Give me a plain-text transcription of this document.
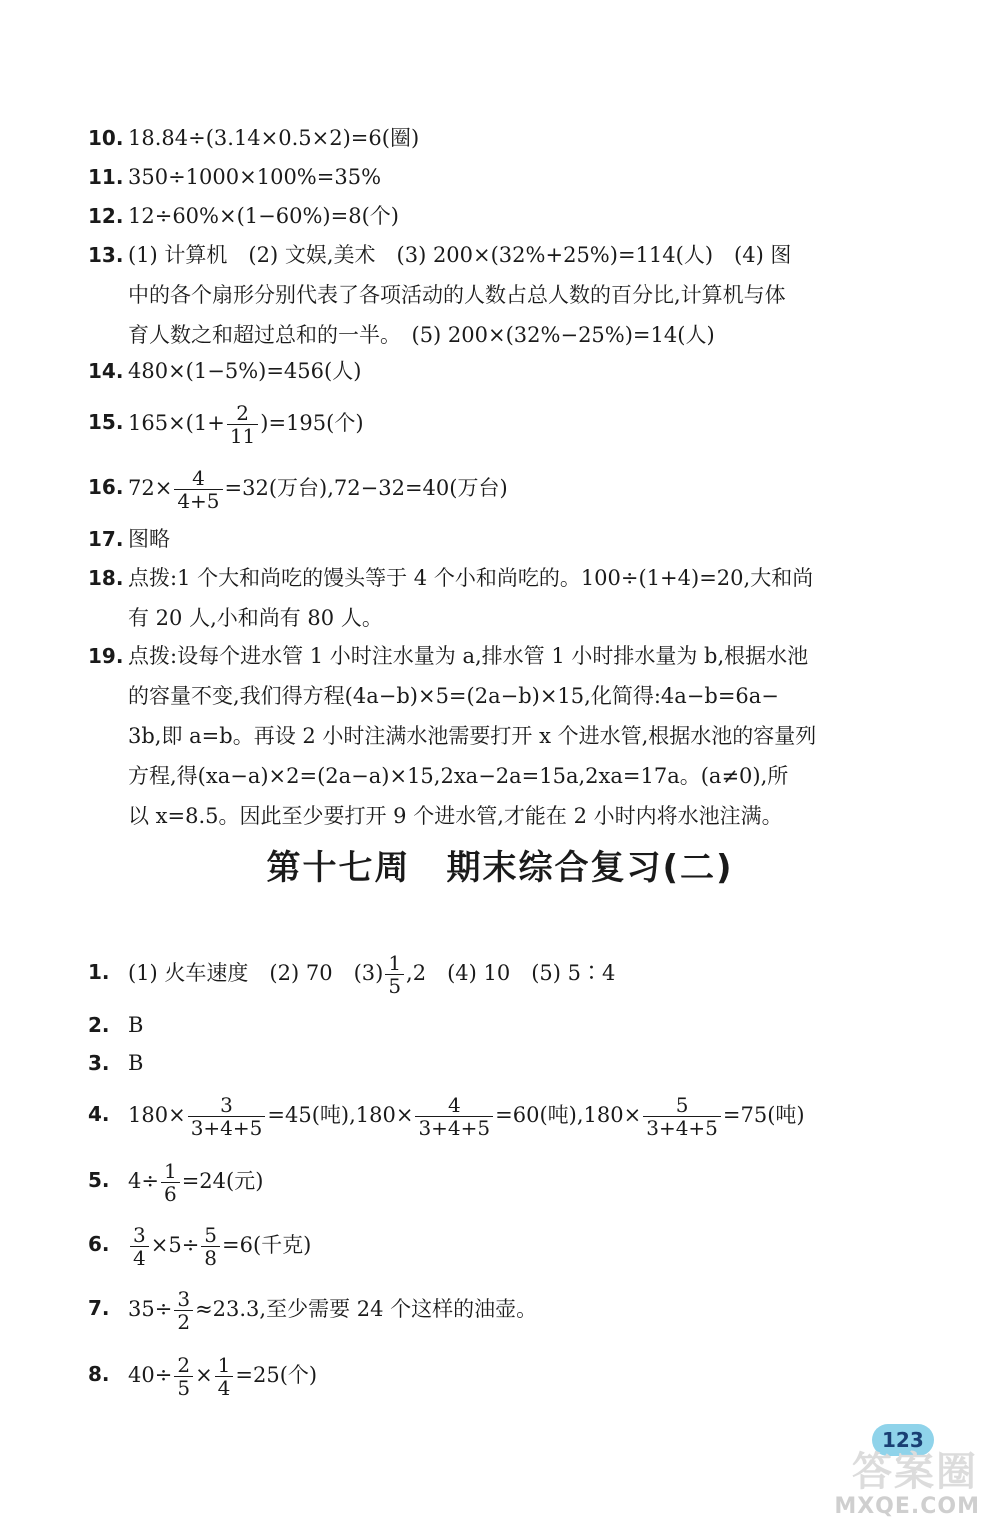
10. 18.84÷(3.14×0.5×2)=6(圈)
11. 350÷1000×100%=35%
12. 12÷60%×(1−60%)=8(个)
13. (1) 计算机　(2) 文娱,美术　(3) 200×(32%+25%)=114(人)　(4) 图
中的各个扇形分别代表了各项活动的人数占总人数的百分比,计算机与体
育人数之和超过总和的一半。　(5) 200×(32%−25%)=14(人)
14. 480×(1−5%)=456(人)
15. $165\times(1+ \frac{2}{11} )=195$(个)
16. $72\times \frac{4}{4+5} =32$(万台),72−32=40(万台)
17. 图略
18. 点拨:1 个大和尚吃的馒头等于 4 个小和尚吃的。100÷(1+4)=20,大和尚
有 20 人,小和尚有 80 人。
19. 点拨:设每个进水管 1 小时注水量为 a,排水管 1 小时排水量为 b,根据水池
的容量不变,我们得方程(4a−b)×5=(2a−b)×15,化简得:4a−b=6a−
3b,即 a=b。再设 2 小时注满水池需要打开 x 个进水管,根据水池的容量列
方程,得(xa−a)×2=(2a−a)×15,2xa−2a=15a,2xa=17a。(a≠0),所
以 x=8.5。因此至少要打开 9 个进水管,才能在 2 小时内将水池注满。
第十七周　期末综合复习(二)
1. (1) 火车速度　(2) 70　$(3) \frac{1}{5} ,2$　(4) 10　(5) 5∶4
2. B
3. B
4. $180\times \frac{3}{3+4+5} =45$(吨)$,180\times \frac{4}{3+4+5} =60$(吨)$,180\times \frac{5}{3+4+5} =75$(吨)
5. $4\div \frac{1}{6} =24$(元)
6. $\frac{3}{4} \times 5\div \frac{5}{8} =6$(千克)
7. $35\div \frac{3}{2} \approx 23.3$,至少需要 24 个这样的油壶。
8. $40\div \frac{2}{5} \times \frac{1}{4} =25$(个)
123
答案圈
MXQE.COM
